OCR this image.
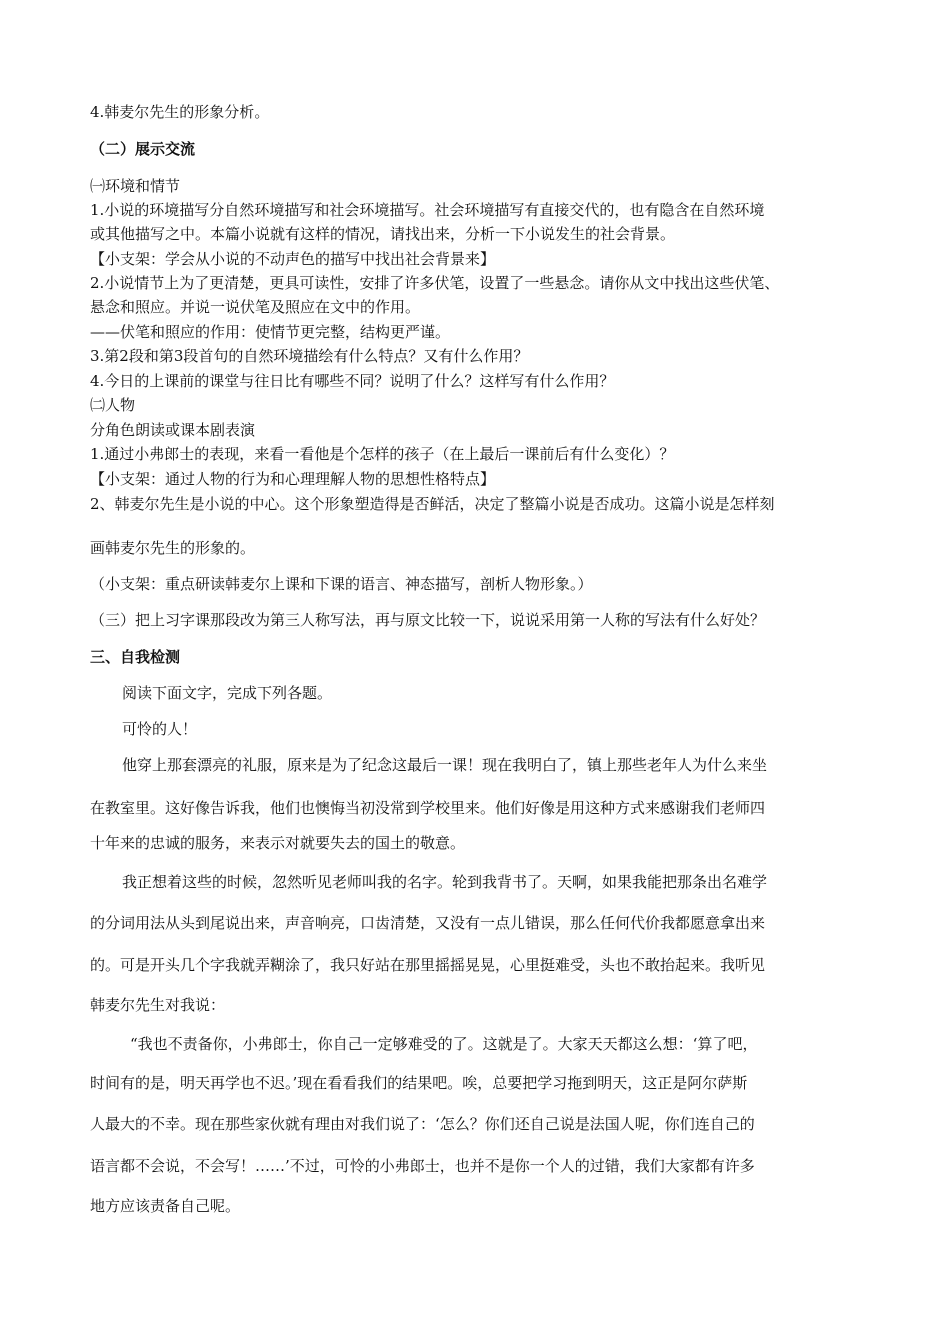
4.韩麦尔先生的形象分析。
（二）展示交流
㈠环境和情节
1.小说的环境描写分自然环境描写和社会环境描写。社会环境描写有直接交代的，也有隐含在自然环境
或其他描写之中。本篇小说就有这样的情况，请找出来，分析一下小说发生的社会背景。
【小支架：学会从小说的不动声色的描写中找出社会背景来】
2.小说情节上为了更清楚，更具可读性，安排了许多伏笔，设置了一些悬念。请你从文中找出这些伏笔、
悬念和照应。并说一说伏笔及照应在文中的作用。
——伏笔和照应的作用：使情节更完整，结构更严谨。
3.第2段和第3段首句的自然环境描绘有什么特点？又有什么作用？
4.今日的上课前的课堂与往日比有哪些不同？说明了什么？这样写有什么作用？
㈡人物
分角色朗读或课本剧表演
1.通过小弗郎士的表现，来看一看他是个怎样的孩子（在上最后一课前后有什么变化）？
【小支架：通过人物的行为和心理理解人物的思想性格特点】
2、韩麦尔先生是小说的中心。这个形象塑造得是否鲜活，决定了整篇小说是否成功。这篇小说是怎样刻
画韩麦尔先生的形象的。
（小支架：重点研读韩麦尔上课和下课的语言、神态描写，剖析人物形象。）
（三）把上习字课那段改为第三人称写法，再与原文比较一下，说说采用第一人称的写法有什么好处？
三、自我检测
阅读下面文字，完成下列各题。
可怜的人！
他穿上那套漂亮的礼服，原来是为了纪念这最后一课！现在我明白了，镇上那些老年人为什么来坐
在教室里。这好像告诉我，他们也懊悔当初没常到学校里来。他们好像是用这种方式来感谢我们老师四
十年来的忠诚的服务，来表示对就要失去的国土的敬意。
我正想着这些的时候，忽然听见老师叫我的名字。轮到我背书了。天啊，如果我能把那条出名难学
的分词用法从头到尾说出来，声音响亮，口齿清楚，又没有一点儿错误，那么任何代价我都愿意拿出来
的。可是开头几个字我就弄糊涂了，我只好站在那里摇摇晃晃，心里挺难受，头也不敢抬起来。我听见
韩麦尔先生对我说：
“我也不责备你，小弗郎士，你自己一定够难受的了。这就是了。大家天天都这么想：‘算了吧，
时间有的是，明天再学也不迟。’现在看看我们的结果吧。唉，总要把学习拖到明天，这正是阿尔萨斯
人最大的不幸。现在那些家伙就有理由对我们说了：‘怎么？你们还自己说是法国人呢，你们连自己的
语言都不会说，不会写！……’不过，可怜的小弗郎士，也并不是你一个人的过错，我们大家都有许多
地方应该责备自己呢。
